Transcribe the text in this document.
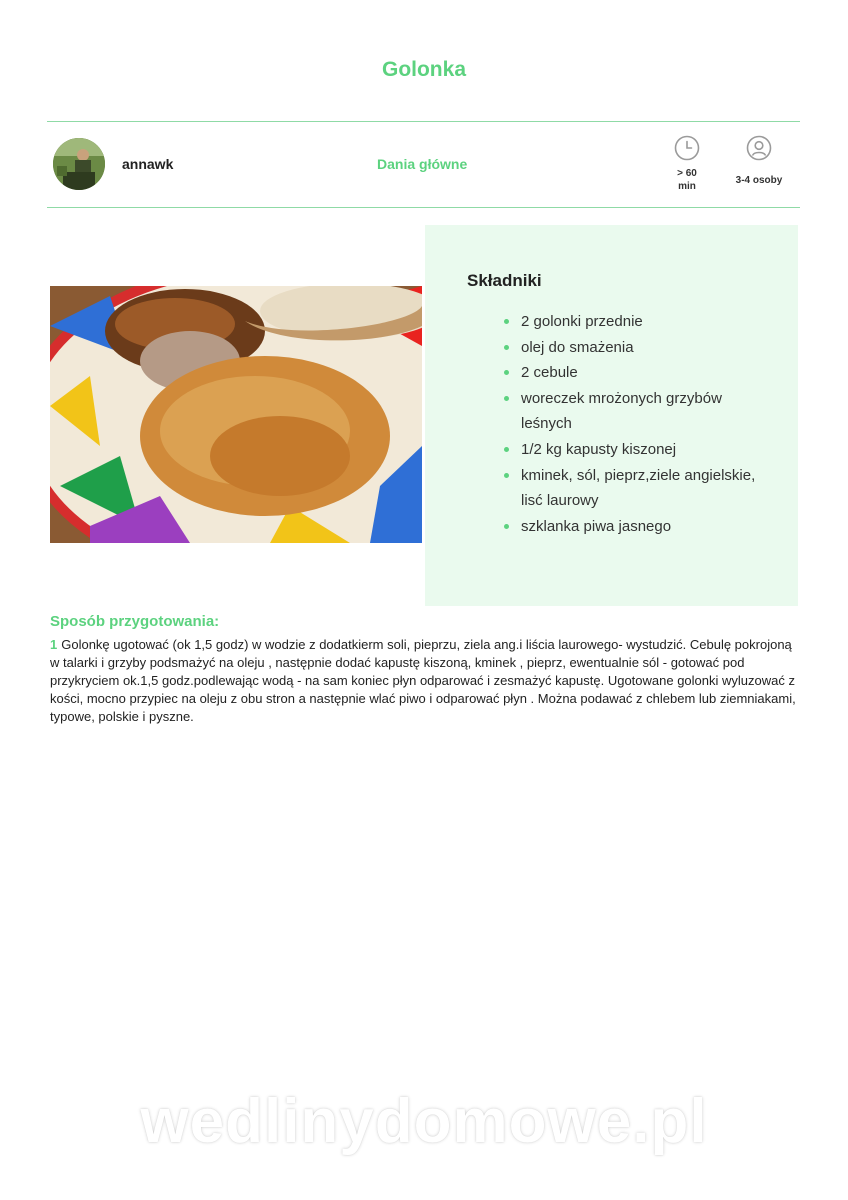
Golonka
annawk	Dania główne
> 60
min
3-4 osoby
Składniki
2 golonki przednie
olej do smażenia
2 cebule
woreczek mrożonych grzybów leśnych
1/2 kg kapusty kiszonej
kminek, sól, pieprz,ziele angielskie, lisć laurowy
szklanka piwa jasnego
Sposób przygotowania:
1 Golonkę ugotować (ok 1,5 godz) w wodzie z dodatkierm soli, pieprzu, ziela ang.i liścia laurowego- wystudzić. Cebulę pokrojoną w talarki i grzyby podsmażyć na oleju , następnie dodać kapustę kiszoną, kminek , pieprz, ewentualnie sól - gotować pod przykryciem ok.1,5 godz.podlewając wodą - na sam koniec płyn odparować i zesmażyć kapustę. Ugotowane golonki wyluzować z kości, mocno przypiec na oleju z obu stron a następnie wlać piwo i odparować płyn . Można podawać z chlebem lub ziemniakami, typowe, polskie i pyszne.
wedlinydomowe.pl
